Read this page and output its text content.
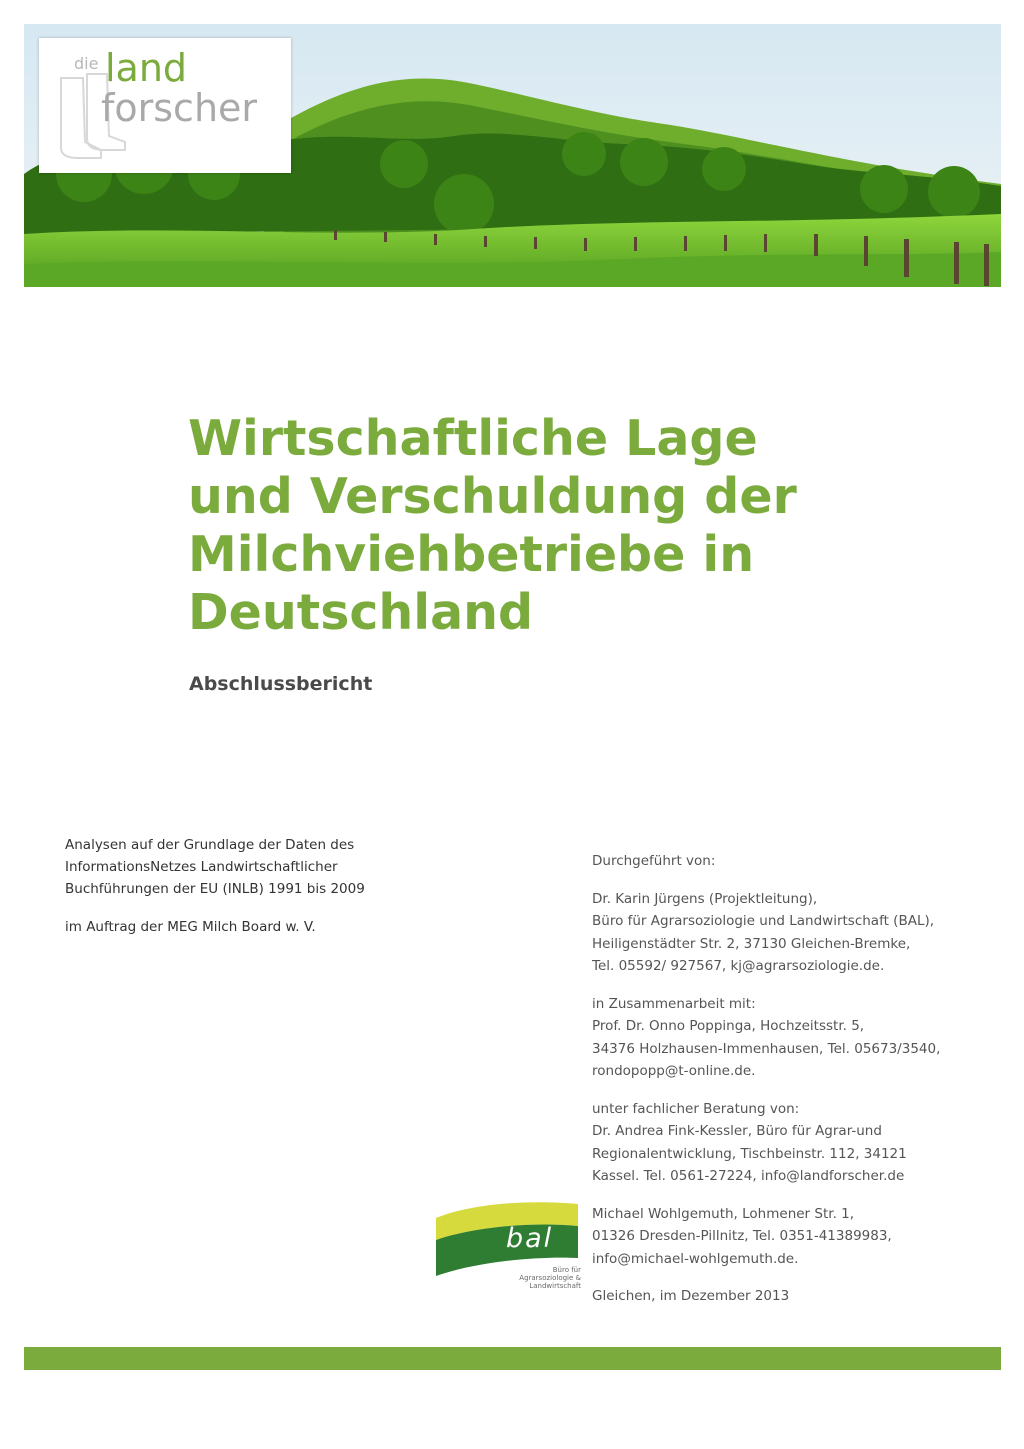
die land
forscher
Wirtschaftliche Lage
und Verschuldung der
Milchviehbetriebe in
Deutschland
Abschlussbericht

Analysen auf der Grundlage der Daten des

InformationsNetzes Landwirtschaftlicher

Buchführungen der EU (INLB) 1991 bis 2009

im Auftrag der MEG Milch Board w. V.

Durchgeführt von:

Dr. Karin Jürgens (Projektleitung),

Büro für Agrarsoziologie und Landwirtschaft (BAL),

Heiligenstädter Str. 2, 37130 Gleichen-Bremke,

Tel. 05592/ 927567, kj@agrarsoziologie.de.

in Zusammenarbeit mit:

Prof. Dr. Onno Poppinga, Hochzeitsstr. 5,

34376 Holzhausen-Immenhausen, Tel. 05673/3540,

rondopopp@t-online.de.

unter fachlicher Beratung von:

Dr. Andrea Fink-Kessler, Büro für Agrar-und

Regionalentwicklung, Tischbeinstr. 112, 34121

Kassel. Tel. 0561-27224, info@landforscher.de

Michael Wohlgemuth, Lohmener Str. 1,

01326 Dresden-Pillnitz, Tel. 0351-41389983,

info@michael-wohlgemuth.de.

Gleichen, im Dezember 2013

bal
Büro für
Agrarsoziologie &
Landwirtschaft
